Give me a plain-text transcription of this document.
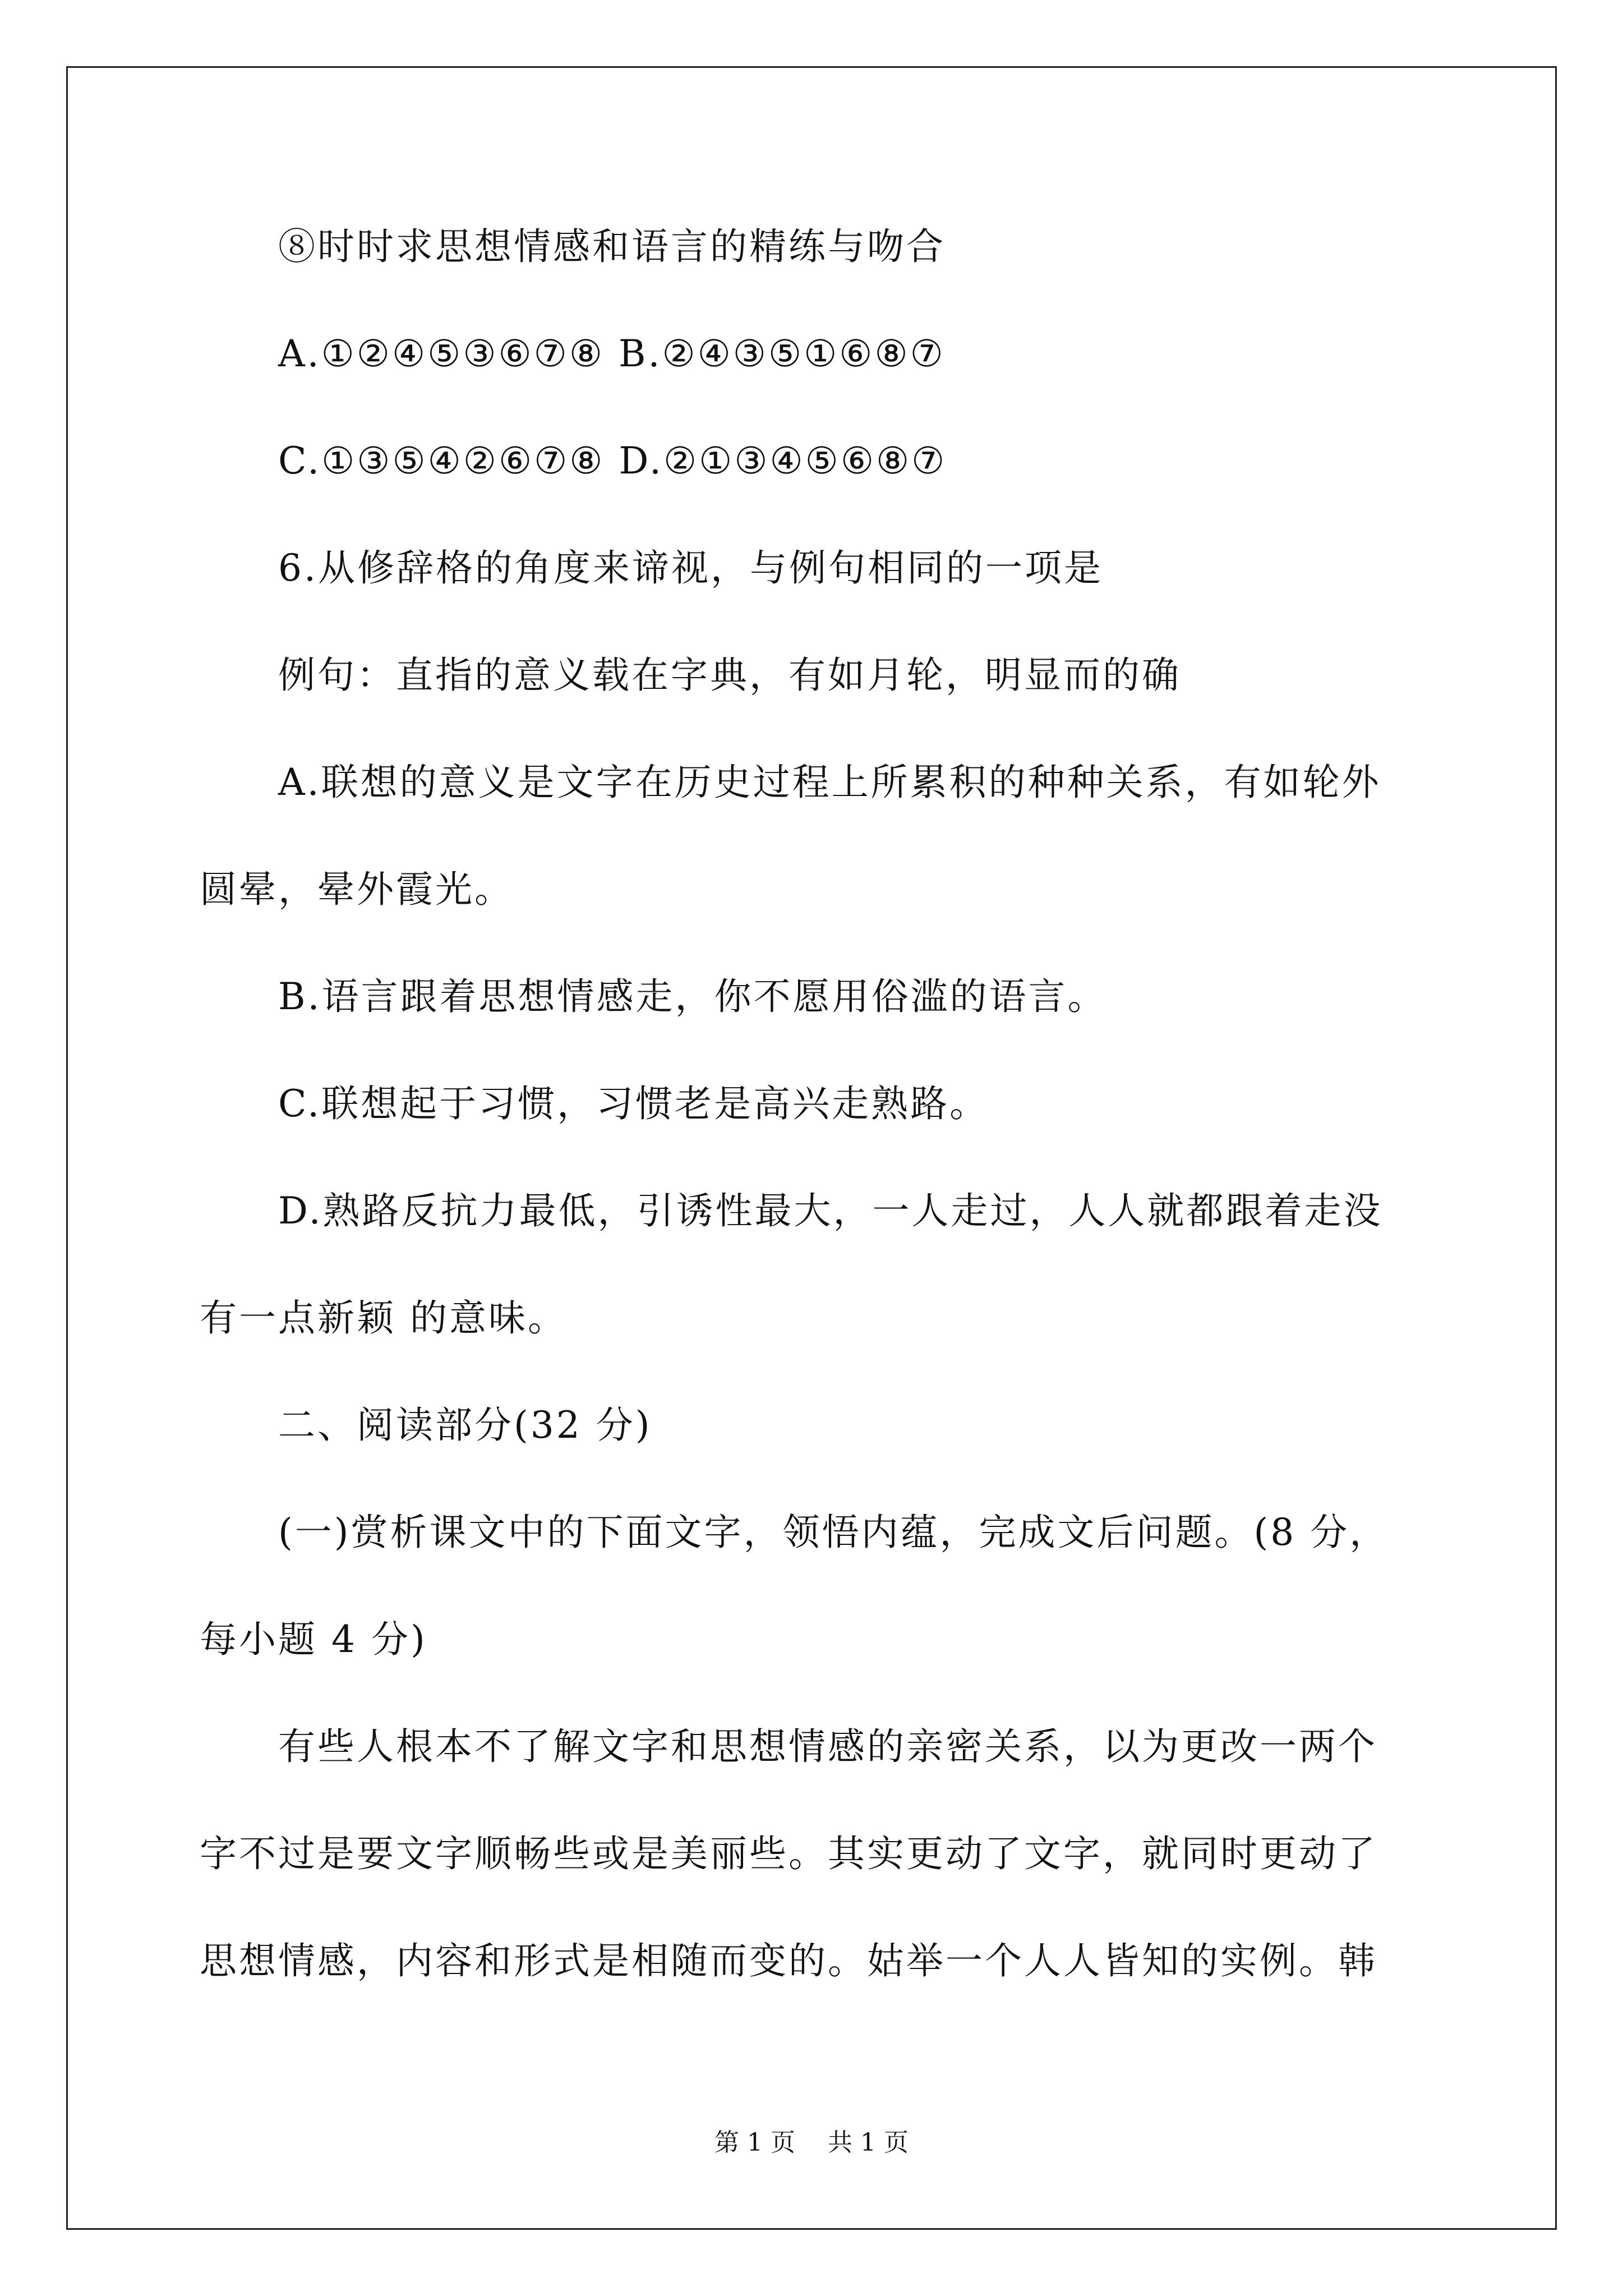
⑧时时求思想情感和语言的精练与吻合
A.①②④⑤③⑥⑦⑧ B.②④③⑤①⑥⑧⑦
C.①③⑤④②⑥⑦⑧ D.②①③④⑤⑥⑧⑦
6.从修辞格的角度来谛视，与例句相同的一项是
例句：直指的意义载在字典，有如月轮，明显而的确
A.联想的意义是文字在历史过程上所累积的种种关系，有如轮外
圆晕，晕外霞光。
B.语言跟着思想情感走，你不愿用俗滥的语言。
C.联想起于习惯，习惯老是高兴走熟路。
D.熟路反抗力最低，引诱性最大，一人走过，人人就都跟着走没
有一点新颖 的意味。
二、阅读部分(32 分)
(一)赏析课文中的下面文字，领悟内蕴，完成文后问题。(8 分，
每小题 4 分)
有些人根本不了解文字和思想情感的亲密关系，以为更改一两个
字不过是要文字顺畅些或是美丽些。其实更动了文字，就同时更动了
思想情感，内容和形式是相随而变的。姑举一个人人皆知的实例。韩
第 1 页　 共 1 页
